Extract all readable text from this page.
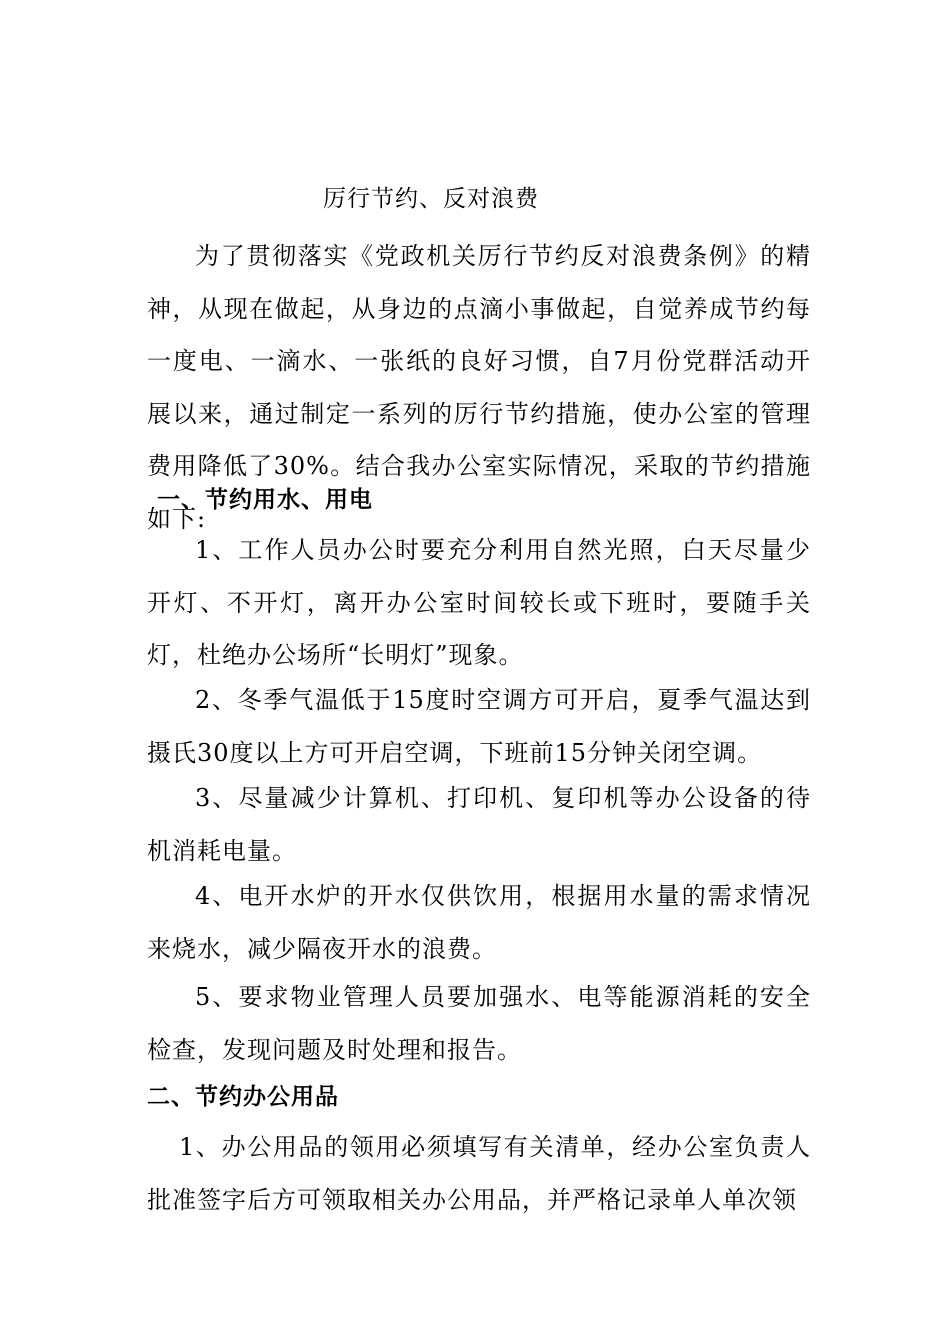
厉行节约、反对浪费

为了贯彻落实《党政机关厉行节约反对浪费条例》的精神，从现在做起，从身边的点滴小事做起，自觉养成节约每一度电、一滴水、一张纸的良好习惯，自7月份党群活动开展以来，通过制定一系列的厉行节约措施，使办公室的管理费用降低了30%。结合我办公室实际情况，采取的节约措施如下:

一、节约用水、用电

1、工作人员办公时要充分利用自然光照，白天尽量少开灯、不开灯，离开办公室时间较长或下班时，要随手关灯，杜绝办公场所“长明灯”现象。

2、冬季气温低于15度时空调方可开启，夏季气温达到摄氏30度以上方可开启空调，下班前15分钟关闭空调。

3、尽量减少计算机、打印机、复印机等办公设备的待机消耗电量。

4、电开水炉的开水仅供饮用，根据用水量的需求情况来烧水，减少隔夜开水的浪费。

5、要求物业管理人员要加强水、电等能源消耗的安全检查，发现问题及时处理和报告。

二、节约办公用品

1、办公用品的领用必须填写有关清单，经办公室负责人批准签字后方可领取相关办公用品，并严格记录单人单次领
